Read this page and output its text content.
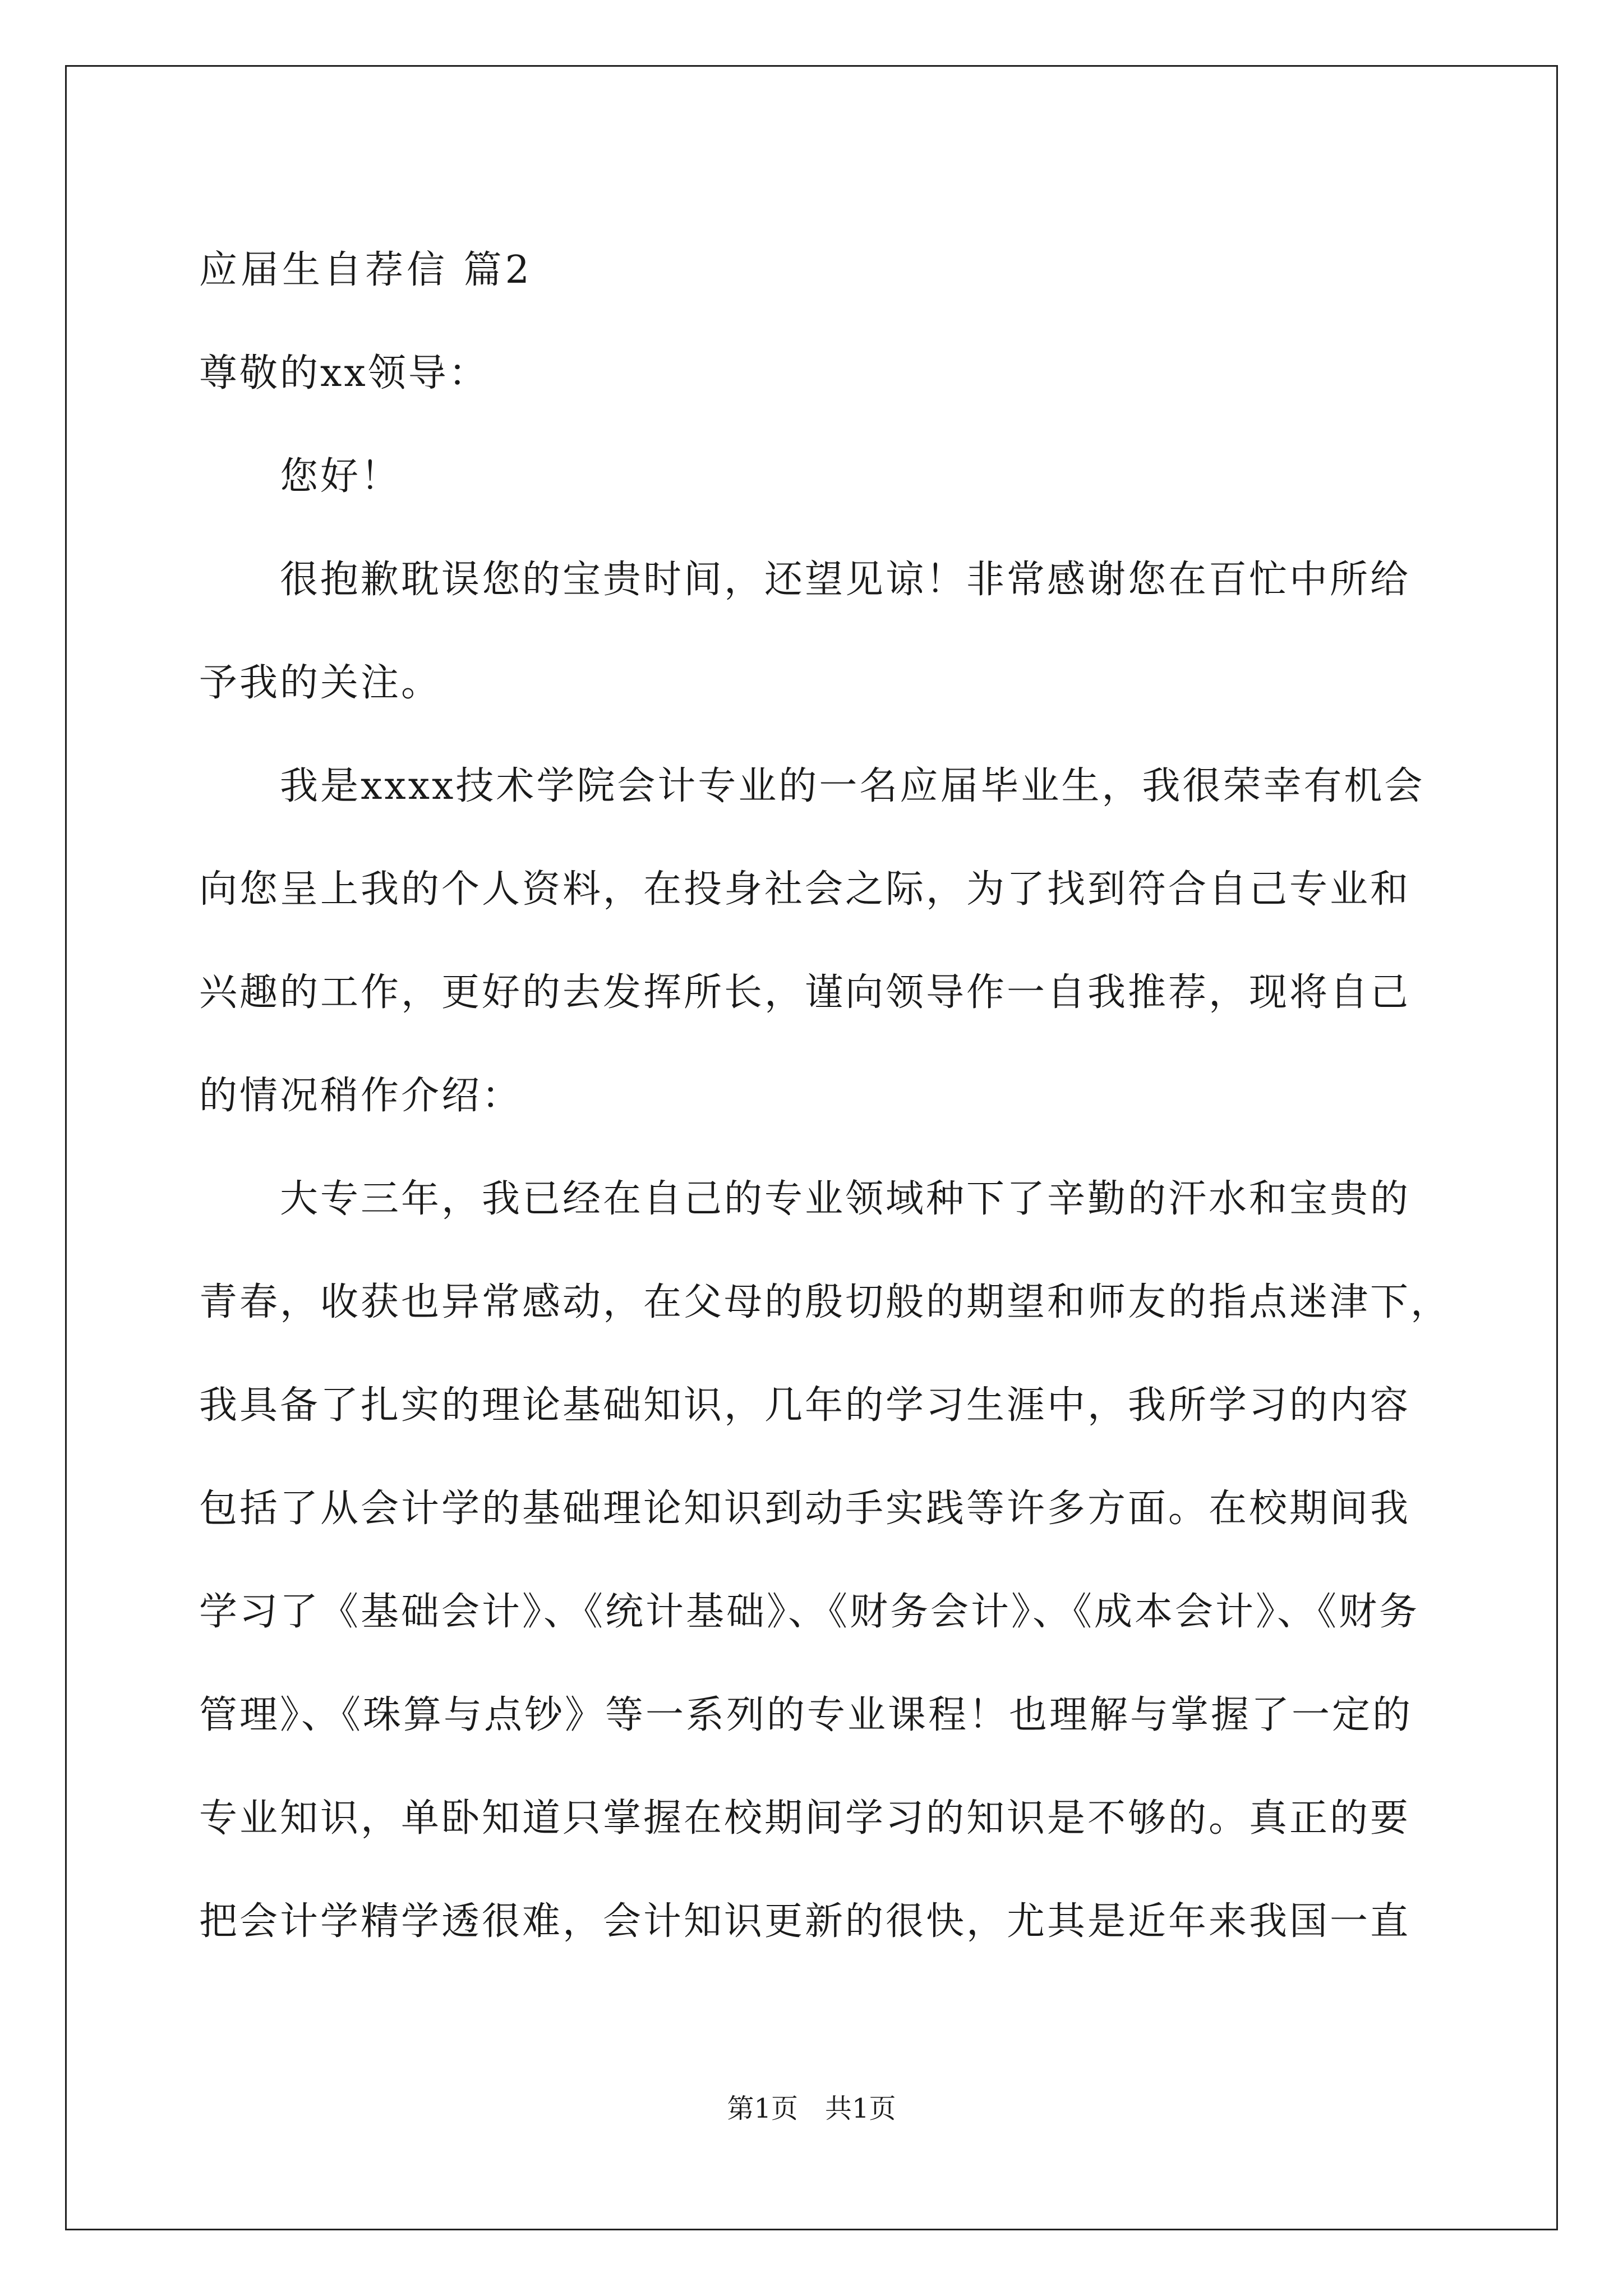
应届生自荐信 篇2

尊敬的xx领导：

您好！

很抱歉耽误您的宝贵时间，还望见谅！非常感谢您在百忙中所给

予我的关注。

我是xxxx技术学院会计专业的一名应届毕业生，我很荣幸有机会

向您呈上我的个人资料，在投身社会之际，为了找到符合自己专业和

兴趣的工作，更好的去发挥所长，谨向领导作一自我推荐，现将自己

的情况稍作介绍：

大专三年，我已经在自己的专业领域种下了辛勤的汗水和宝贵的

青春，收获也异常感动，在父母的殷切般的期望和师友的指点迷津下，

我具备了扎实的理论基础知识，几年的学习生涯中，我所学习的内容

包括了从会计学的基础理论知识到动手实践等许多方面。在校期间我

学习了《基础会计》、《统计基础》、《财务会计》、《成本会计》、《财务

管理》、《珠算与点钞》等一系列的专业课程！也理解与掌握了一定的

专业知识，单卧知道只掌握在校期间学习的知识是不够的。真正的要

把会计学精学透很难，会计知识更新的很快，尤其是近年来我国一直

第1页　共1页
